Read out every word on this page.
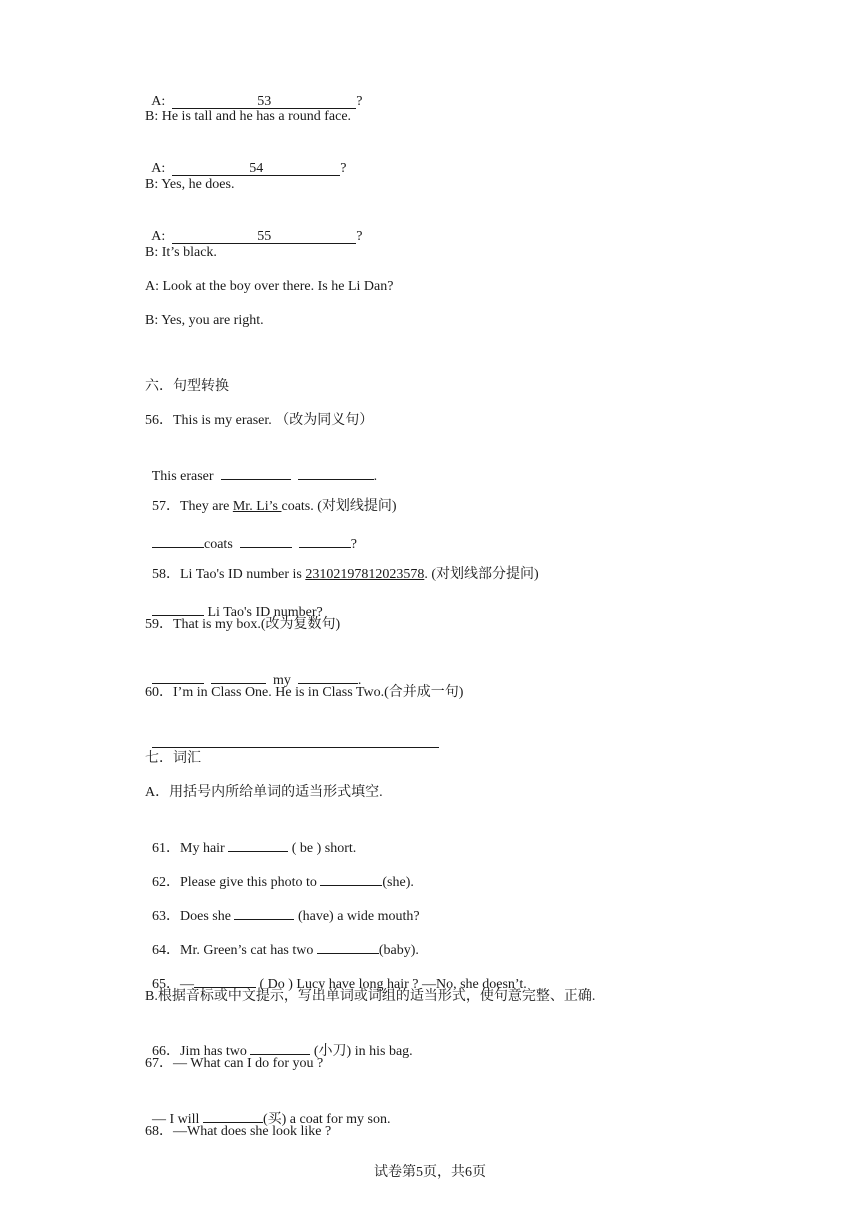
A:	53	?

B: He is tall and he has a round face.

A:	54	?

B: Yes, he does.

A:	55	?

B: It’s black.
A: Look at the boy over there. Is he Li Dan?
B: Yes, you are right.
六．句型转换
56．This is my eraser. （改为同义句）

This eraser	.

57．They are Mr. Li’s coats. (对划线提问)

coats	?

58．Li Tao's ID number is 23102197812023578. (对划线部分提问)

Li Tao's ID number?

59．That is my box.(改为复数句)

my	.

60．I’m in Class One. He is in Class Two.(合并成一句)

七．词汇
A．用括号内所给单词的适当形式填空.

61．My hair	( be ) short.

62．Please give this photo to	(she).

63．Does she	(have) a wide mouth?

64．Mr. Green’s cat has two	(baby).

65．—	( Do ) Lucy have long hair ? —No, she doesn’t.

B.根据音标或中文提示，写出单词或词组的适当形式，使句意完整、正确.

66．Jim has two	(小刀) in his bag.

67．— What can I do for you ?

— I will	(买) a coat for my son.

68．—What does she look like ?
试卷第5页，共6页
